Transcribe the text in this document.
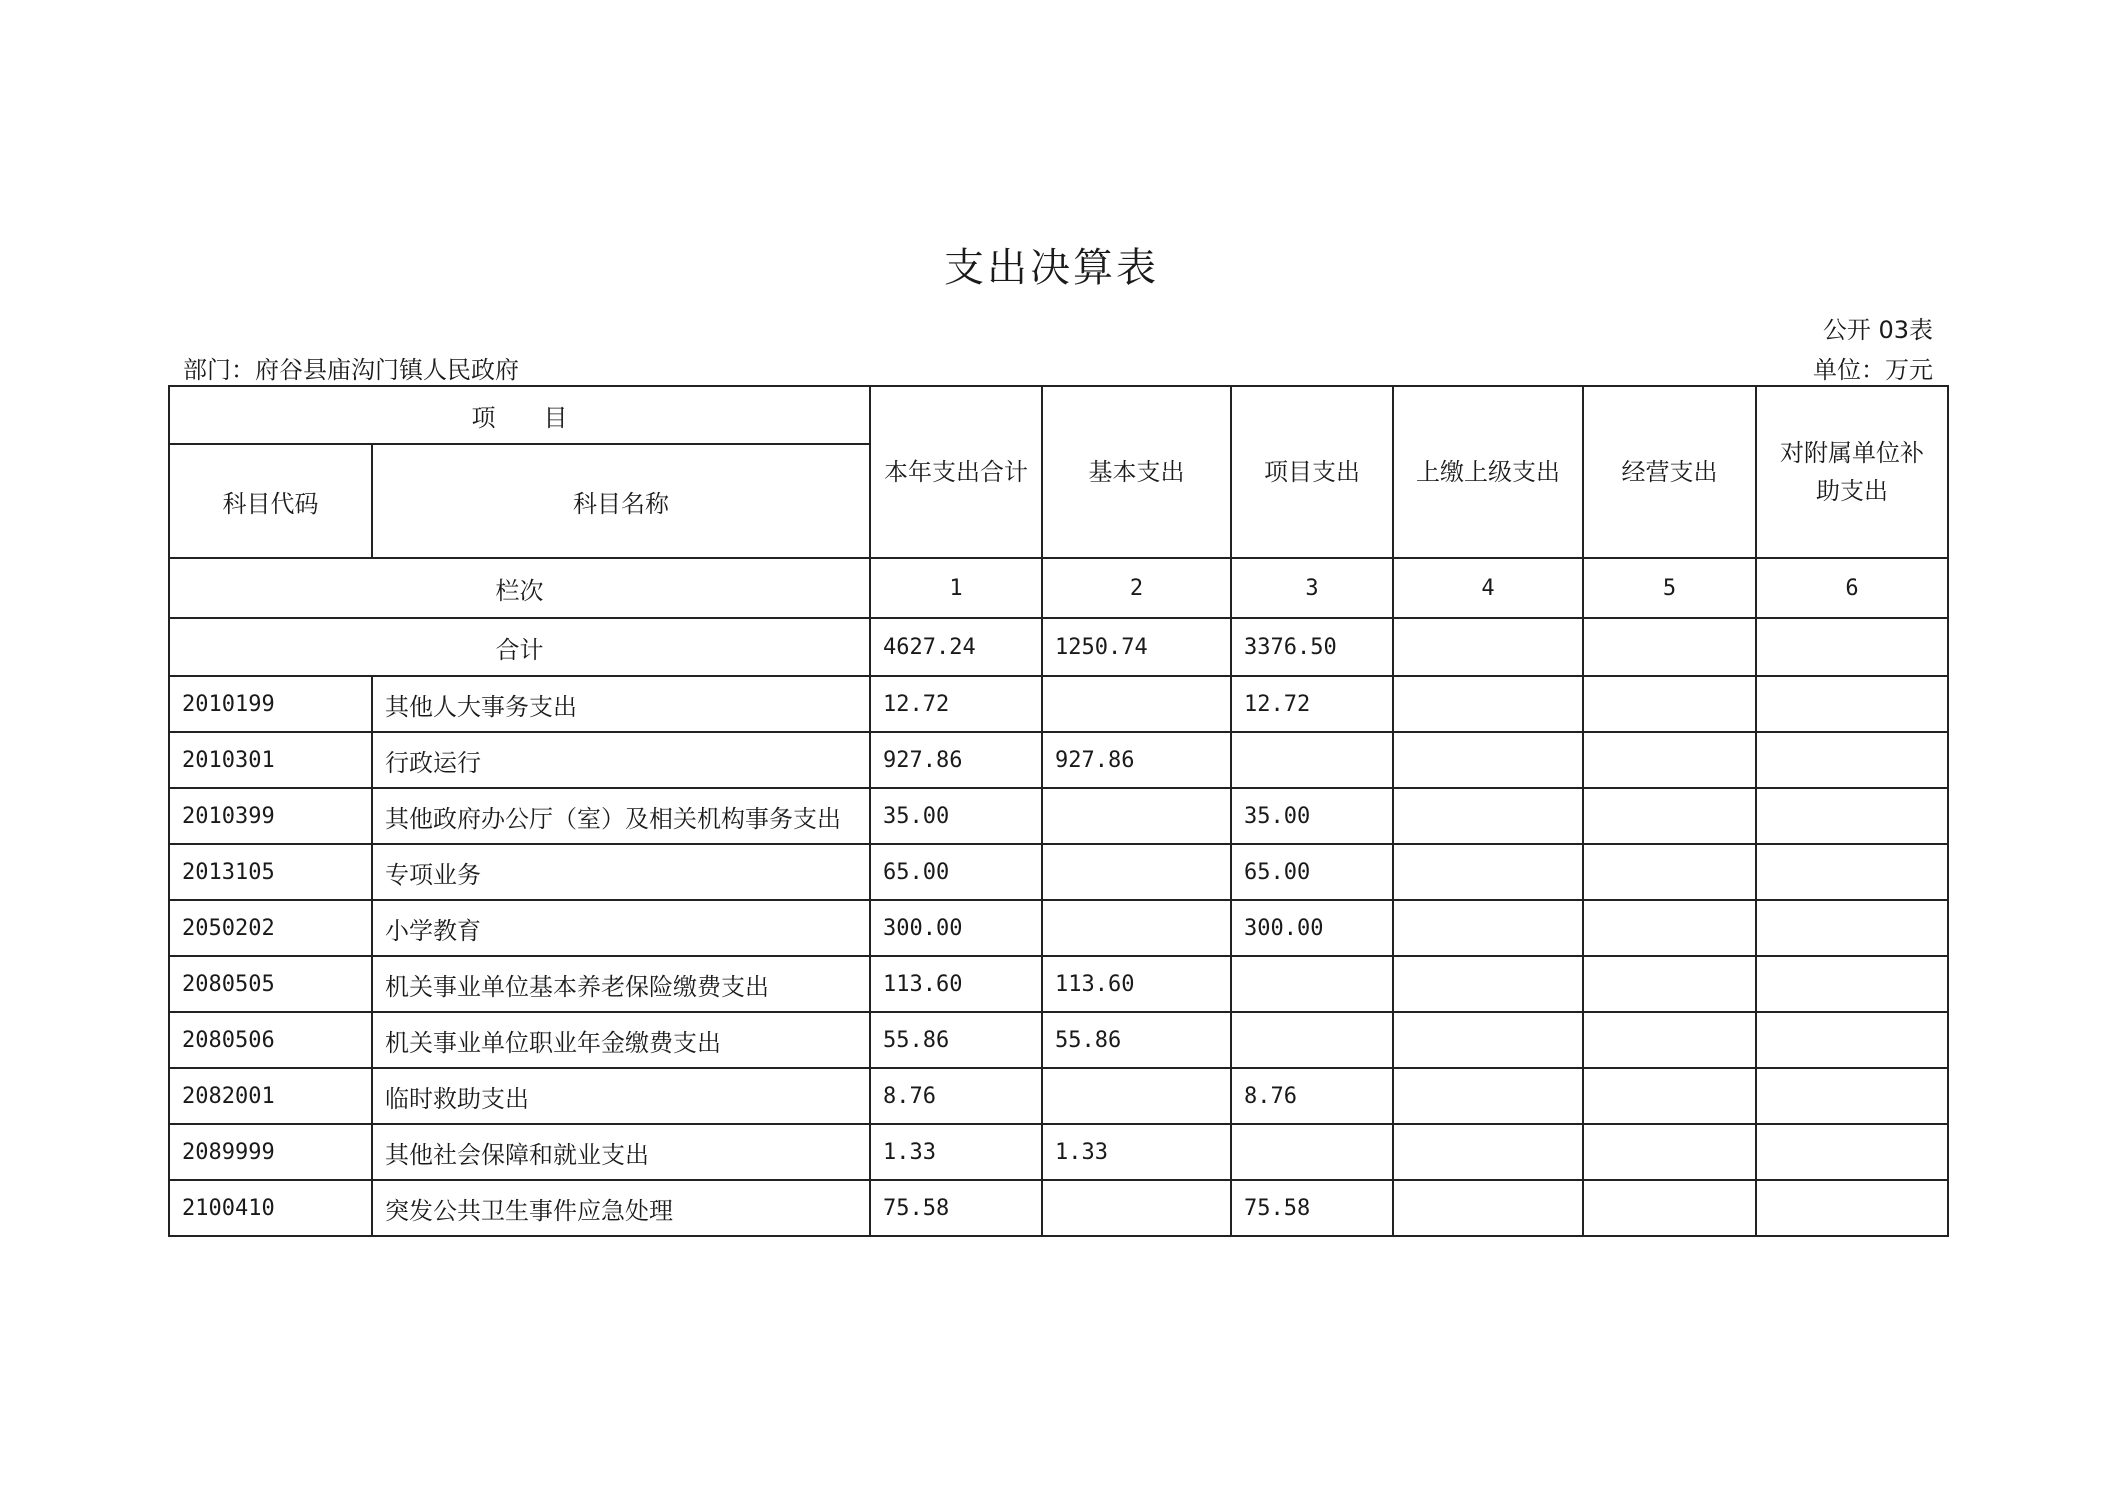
支出决算表
公开 03表
部门：府谷县庙沟门镇人民政府	单位：万元
项　　目		本年支出合计	基本支出	项目支出	上缴上级支出	经营支出	对附属单位补助支出
科目代码	科目名称						
栏次		1	2	3	4	5	6
合计		4627.24	1250.74	3376.50			
2010199	其他人大事务支出	12.72		12.72			
2010301	行政运行	927.86	927.86				
2010399	其他政府办公厅（室）及相关机构事务支出	35.00		35.00			
2013105	专项业务	65.00		65.00			
2050202	小学教育	300.00		300.00			
2080505	机关事业单位基本养老保险缴费支出	113.60	113.60				
2080506	机关事业单位职业年金缴费支出	55.86	55.86				
2082001	临时救助支出	8.76		8.76			
2089999	其他社会保障和就业支出	1.33	1.33				
2100410	突发公共卫生事件应急处理	75.58		75.58			
